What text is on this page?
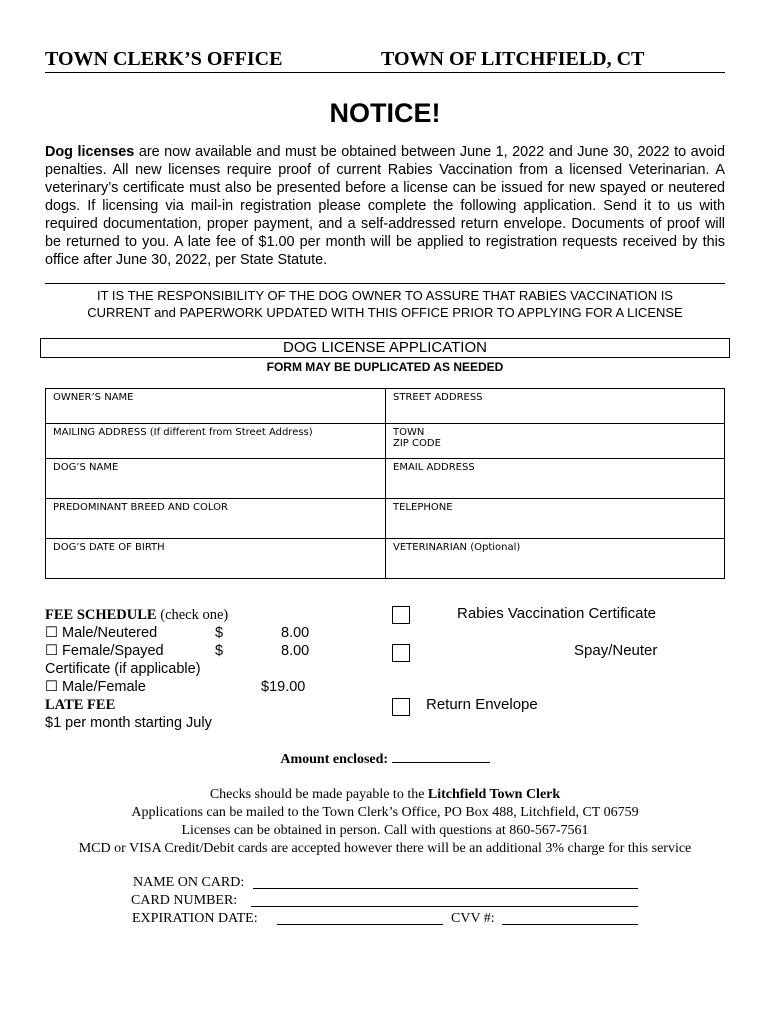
TOWN CLERK’S OFFICE	TOWN OF LITCHFIELD, CT
NOTICE!
Dog licenses are now available and must be obtained between June 1, 2022 and June 30, 2022 to avoid penalties. All new licenses require proof of current Rabies Vaccination from a licensed Veterinarian. A veterinary’s certificate must also be presented before a license can be issued for new spayed or neutered dogs. If licensing via mail-in registration please complete the following application. Send it to us with required documentation, proper payment, and a self-addressed return envelope. Documents of proof will be returned to you. A late fee of $1.00 per month will be applied to registration requests received by this office after June 30, 2022, per State Statute.
IT IS THE RESPONSIBILITY OF THE DOG OWNER TO ASSURE THAT RABIES VACCINATION IS
CURRENT and PAPERWORK UPDATED WITH THIS OFFICE PRIOR TO APPLYING FOR A LICENSE
DOG LICENSE APPLICATION
FORM MAY BE DUPLICATED AS NEEDED
OWNER’S NAME	STREET ADDRESS
MAILING ADDRESS (If different from Street Address)	TOWN
ZIP CODE

DOG’S NAME	EMAIL ADDRESS
PREDOMINANT BREED AND COLOR	TELEPHONE
DOG’S DATE OF BIRTH	VETERINARIAN (Optional)
FEE SCHEDULE (check one)
☐ Male/Neutered	$	8.00
☐ Female/Spayed	$	8.00
Certificate (if applicable)
☐ Male/Female	$19.00
LATE FEE
$1 per month starting July
Rabies Vaccination Certificate
Spay/Neuter
Return Envelope
Amount enclosed:
Checks should be made payable to the Litchfield Town Clerk
Applications can be mailed to the Town Clerk’s Office, PO Box 488, Litchfield, CT 06759
Licenses can be obtained in person. Call with questions at 860-567-7561
MCD or VISA Credit/Debit cards are accepted however there will be an additional 3% charge for this service
NAME ON CARD:
CARD NUMBER:
EXPIRATION DATE:	CVV #:
